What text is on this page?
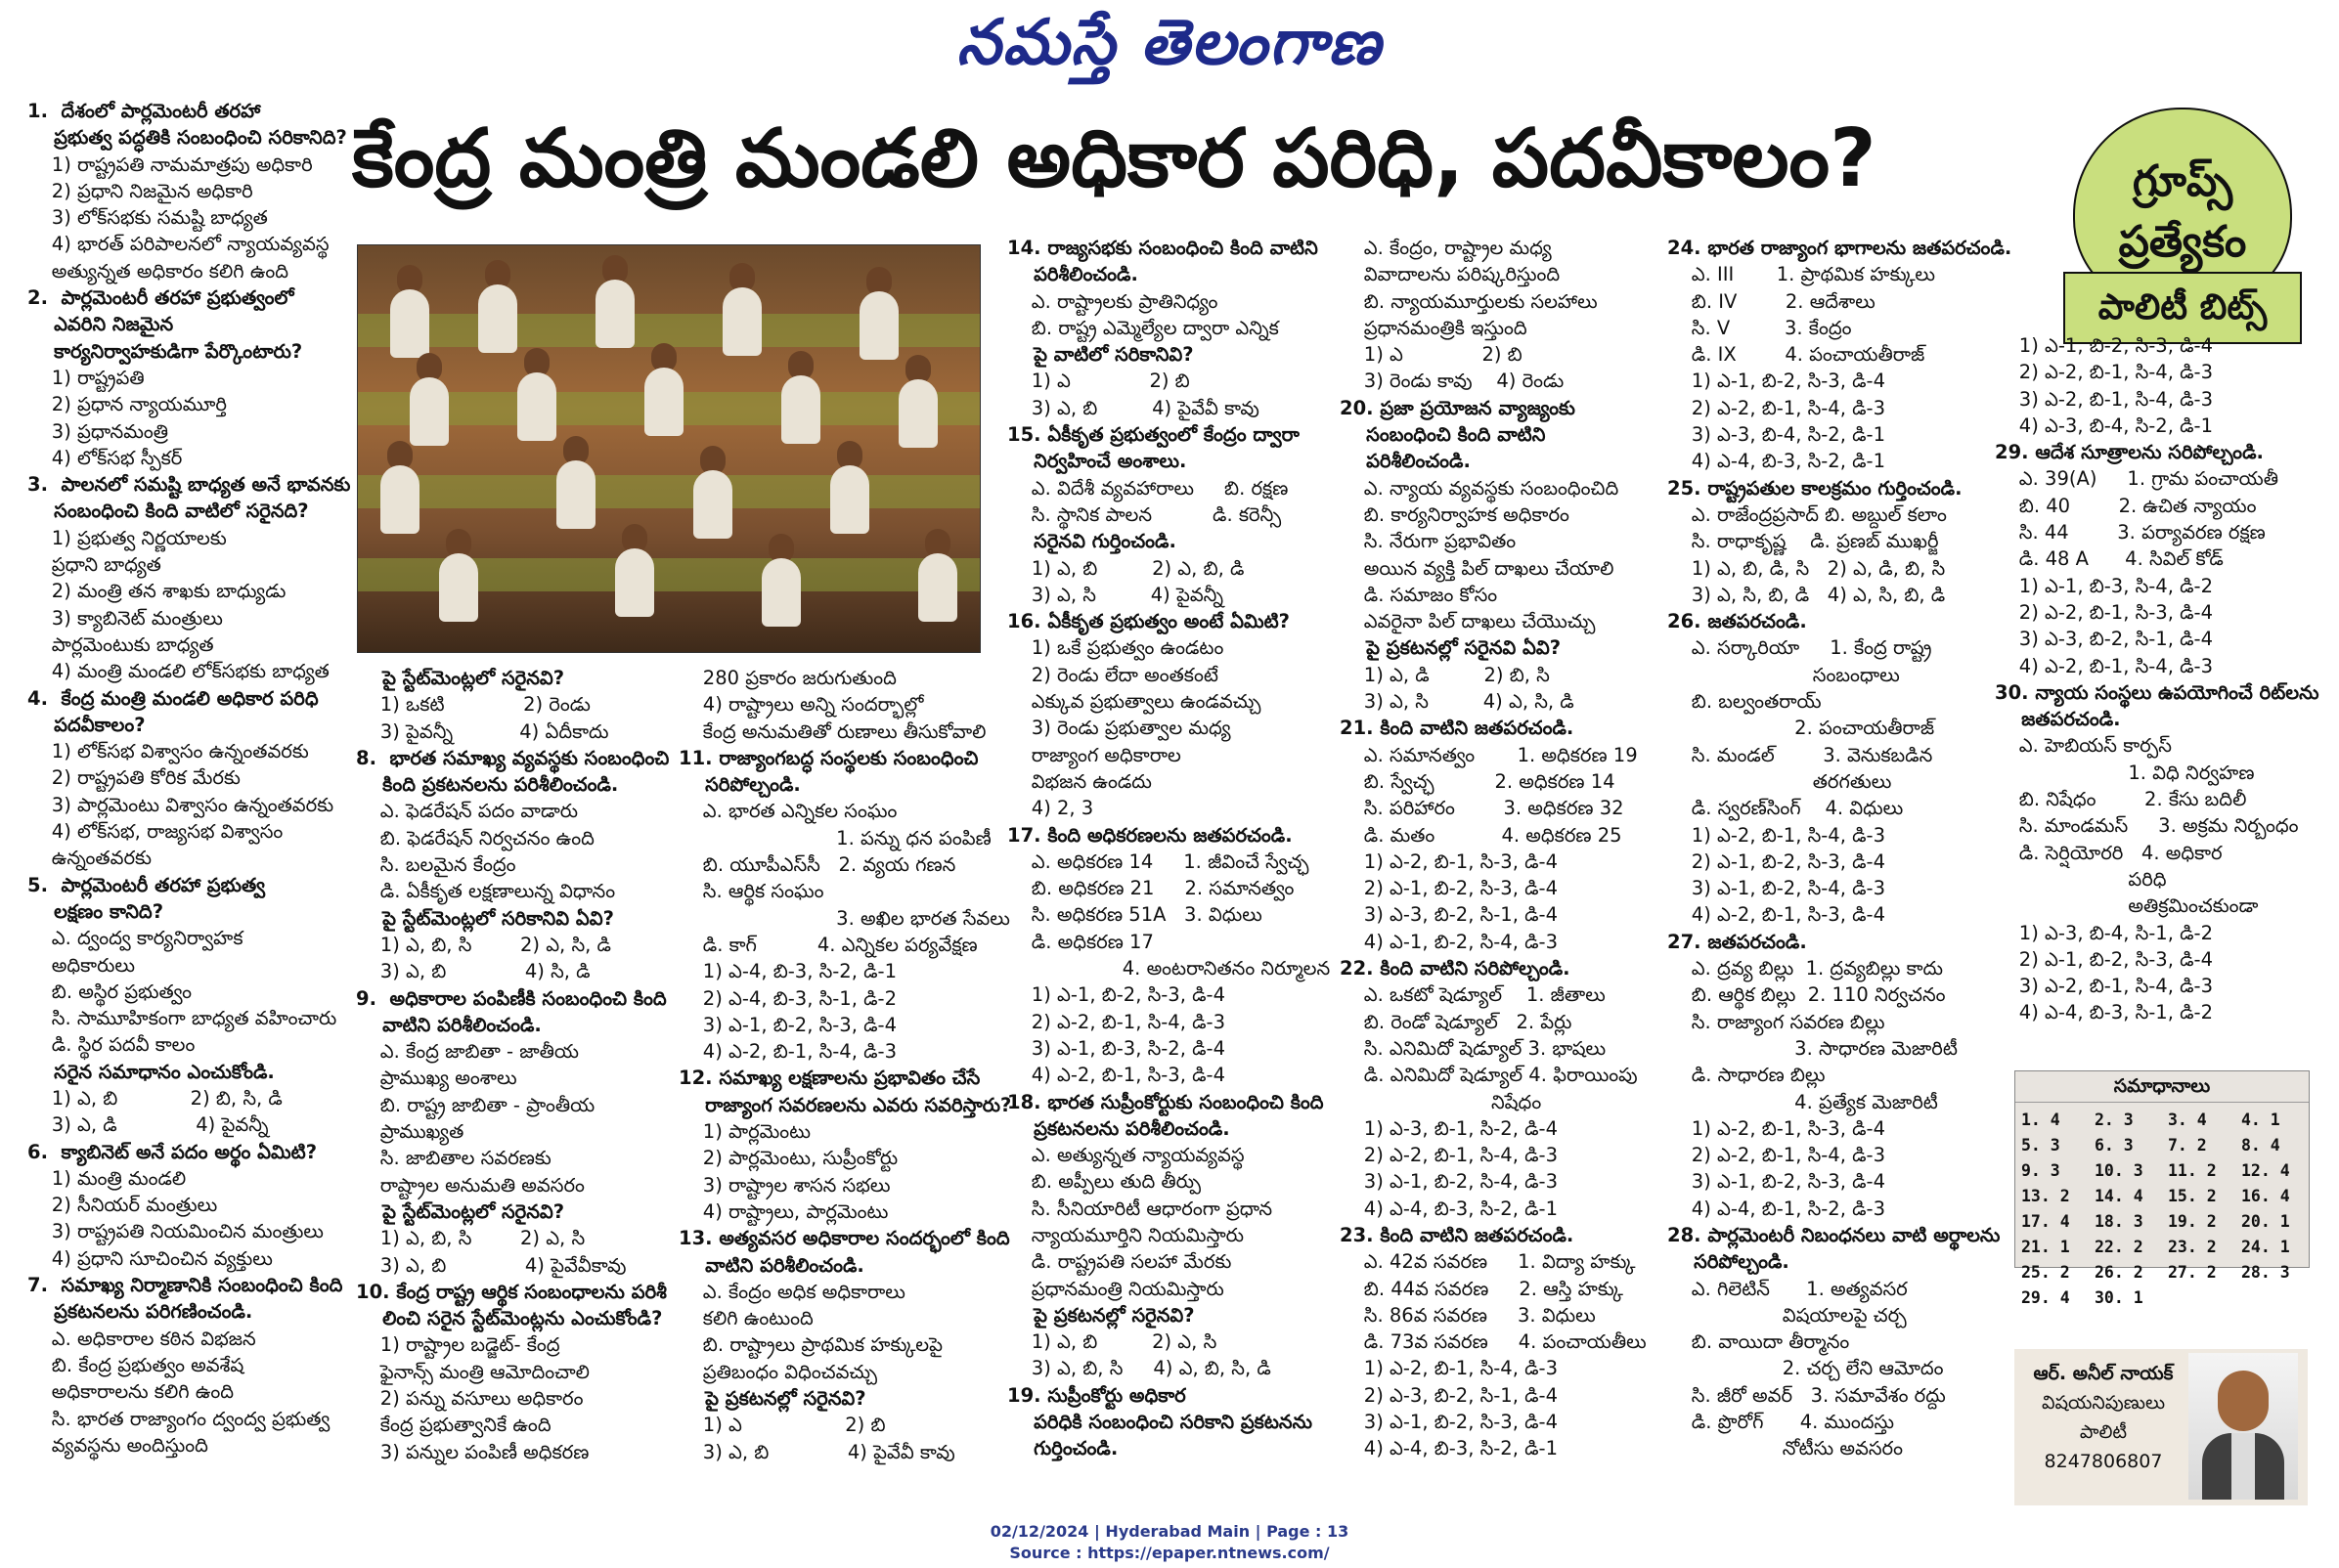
నమస్తే తెలంగాణ
కేంద్ర మంత్రి మండలి అధికార పరిధి, పదవీకాలం?	గ్రూప్స్
ప్రత్యేకం
పాలిటీ బిట్స్

1.  దేశంలో పార్లమెంటరీ తరహా

ప్రభుత్వ పద్ధతికి సంబంధించి సరికానిది?

1) రాష్ట్రపతి నామమాత్రపు అధికారి

2) ప్రధాని నిజమైన అధికారి

3) లోక్‌సభకు సమష్టి బాధ్యత

4) భారత్ పరిపాలనలో న్యాయవ్యవస్థ

అత్యున్నత అధికారం కలిగి ఉంది

2.  పార్లమెంటరీ తరహా ప్రభుత్వంలో

ఎవరిని నిజమైన

కార్యనిర్వాహకుడిగా పేర్కొంటారు?

1) రాష్ట్రపతి

2) ప్రధాన న్యాయమూర్తి

3) ప్రధానమంత్రి

4) లోక్‌సభ స్పీకర్

3.  పాలనలో సమష్టి బాధ్యత అనే భావనకు

సంబంధించి కింది వాటిలో సరైనది?

1) ప్రభుత్వ నిర్ణయాలకు

ప్రధాని బాధ్యత

2) మంత్రి తన శాఖకు బాధ్యుడు

3) క్యాబినెట్ మంత్రులు

పార్లమెంటుకు బాధ్యత

4) మంత్రి మండలి లోక్‌సభకు బాధ్యత

4.  కేంద్ర మంత్రి మండలి అధికార పరిధి

పదవీకాలం?

1) లోక్‌సభ విశ్వాసం ఉన్నంతవరకు

2) రాష్ట్రపతి కోరిక మేరకు

3) పార్లమెంటు విశ్వాసం ఉన్నంతవరకు

4) లోక్‌సభ, రాజ్యసభ విశ్వాసం

ఉన్నంతవరకు

5.  పార్లమెంటరీ తరహా ప్రభుత్వ

లక్షణం కానిది?

ఎ. ద్వంద్వ కార్యనిర్వాహక

అధికారులు

బి. అస్థిర ప్రభుత్వం

సి. సామూహికంగా బాధ్యత వహించారు

డి. స్థిర పదవీ కాలం

సరైన సమాధానం ఎంచుకోండి.

1) ఎ, బి            2) బి, సి, డి

3) ఎ, డి             4) పైవన్నీ

6.  క్యాబినెట్ అనే పదం అర్థం ఏమిటి?

1) మంత్రి మండలి

2) సీనియర్ మంత్రులు

3) రాష్ట్రపతి నియమించిన మంత్రులు

4) ప్రధాని సూచించిన వ్యక్తులు

7.  సమాఖ్య నిర్మాణానికి సంబంధించి కింది

ప్రకటనలను పరిగణించండి.

ఎ. అధికారాల కఠిన విభజన

బి. కేంద్ర ప్రభుత్వం అవశేష

అధికారాలను కలిగి ఉంది

సి. భారత రాజ్యాంగం ద్వంద్వ ప్రభుత్వ

వ్యవస్థను అందిస్తుంది

పై స్టేట్‌మెంట్లలో సరైనవి?

1) ఒకటి             2) రెండు

3) పైవన్నీ           4) ఏదీకాదు

8.  భారత సమాఖ్య వ్యవస్థకు సంబంధించి

కింది ప్రకటనలను పరిశీలించండి.

ఎ. ఫెడరేషన్ పదం వాడారు

బి. ఫెడరేషన్ నిర్వచనం ఉంది

సి. బలమైన కేంద్రం

డి. ఏకీకృత లక్షణాలున్న విధానం

పై స్టేట్‌మెంట్లలో సరికానివి ఏవి?

1) ఎ, బి, సి        2) ఎ, సి, డి

3) ఎ, బి             4) సి, డి

9.  అధికారాల పంపిణీకి సంబంధించి కింది

వాటిని పరిశీలించండి.

ఎ. కేంద్ర జాబితా - జాతీయ

ప్రాముఖ్య అంశాలు

బి. రాష్ట్ర జాబితా - ప్రాంతీయ

ప్రాముఖ్యత

సి. జాబితాల సవరణకు

రాష్ట్రాల అనుమతి అవసరం

పై స్టేట్‌మెంట్లలో సరైనవి?

1) ఎ, బి, సి        2) ఎ, సి

3) ఎ, బి             4) పైవేవీకావు

10. కేంద్ర రాష్ట్ర ఆర్థిక సంబంధాలను పరిశీ

లించి సరైన స్టేట్‌మెంట్లను ఎంచుకోండి?

1) రాష్ట్రాల బడ్జెట్- కేంద్ర

ఫైనాన్స్ మంత్రి ఆమోదించాలి

2) పన్ను వసూలు అధికారం

కేంద్ర ప్రభుత్వానికే ఉంది

3) పన్నుల పంపిణీ అధికరణ

280 ప్రకారం జరుగుతుంది

4) రాష్ట్రాలు అన్ని సందర్భాల్లో

కేంద్ర అనుమతితో రుణాలు తీసుకోవాలి

11. రాజ్యాంగబద్ధ సంస్థలకు సంబంధించి

సరిపోల్చండి.

ఎ. భారత ఎన్నికల సంఘం

1. పన్ను ధన పంపిణీ

బి. యూపీఎస్‌సీ   2. వ్యయ గణన

సి. ఆర్థిక సంఘం

3. అఖిల భారత సేవలు

డి. కాగ్          4. ఎన్నికల పర్యవేక్షణ

1) ఎ-4, బి-3, సి-2, డి-1

2) ఎ-4, బి-3, సి-1, డి-2

3) ఎ-1, బి-2, సి-3, డి-4

4) ఎ-2, బి-1, సి-4, డి-3

12. సమాఖ్య లక్షణాలను ప్రభావితం చేసే

రాజ్యాంగ సవరణలను ఎవరు సవరిస్తారు?

1) పార్లమెంటు

2) పార్లమెంటు, సుప్రీంకోర్టు

3) రాష్ట్రాల శాసన సభలు

4) రాష్ట్రాలు, పార్లమెంటు

13. అత్యవసర అధికారాల సందర్భంలో కింది

వాటిని పరిశీలించండి.

ఎ. కేంద్రం అధిక అధికారాలు

కలిగి ఉంటుంది

బి. రాష్ట్రాలు ప్రాథమిక హక్కులపై

ప్రతిబంధం విధించవచ్చు

పై ప్రకటనల్లో సరైనవి?

1) ఎ                 2) బి

3) ఎ, బి             4) పైవేవీ కావు

14. రాజ్యసభకు సంబంధించి కింది వాటిని

పరిశీలించండి.

ఎ. రాష్ట్రాలకు ప్రాతినిధ్యం

బి. రాష్ట్ర ఎమ్మెల్యేల ద్వారా ఎన్నిక

పై వాటిలో సరికానివి?

1) ఎ             2) బి

3) ఎ, బి         4) పైవేవీ కావు

15. ఏకీకృత ప్రభుత్వంలో కేంద్రం ద్వారా

నిర్వహించే అంశాలు.

ఎ. విదేశీ వ్యవహారాలు     బి. రక్షణ

సి. స్థానిక పాలన          డి. కరెన్సీ

సరైనవి గుర్తించండి.

1) ఎ, బి         2) ఎ, బి, డి

3) ఎ, సి         4) పైవన్నీ

16. ఏకీకృత ప్రభుత్వం అంటే ఏమిటి?

1) ఒకే ప్రభుత్వం ఉండటం

2) రెండు లేదా అంతకంటే

ఎక్కువ ప్రభుత్వాలు ఉండవచ్చు

3) రెండు ప్రభుత్వాల మధ్య

రాజ్యాంగ అధికారాల

విభజన ఉండదు

4) 2, 3

17. కింది అధికరణలను జతపరచండి.

ఎ. అధికరణ 14     1. జీవించే స్వేచ్ఛ

బి. అధికరణ 21     2. సమానత్వం

సి. అధికరణ 51A   3. విధులు

డి. అధికరణ 17

4. అంటరానితనం నిర్మూలన

1) ఎ-1, బి-2, సి-3, డి-4

2) ఎ-2, బి-1, సి-4, డి-3

3) ఎ-1, బి-3, సి-2, డి-4

4) ఎ-2, బి-1, సి-3, డి-4

18. భారత సుప్రీంకోర్టుకు సంబంధించి కింది

ప్రకటనలను పరిశీలించండి.

ఎ. అత్యున్నత న్యాయవ్యవస్థ

బి. అప్పీలు తుది తీర్పు

సి. సీనియారిటీ ఆధారంగా ప్రధాన

న్యాయమూర్తిని నియమిస్తారు

డి. రాష్ట్రపతి సలహా మేరకు

ప్రధానమంత్రి నియమిస్తారు

పై ప్రకటనల్లో సరైనవి?

1) ఎ, బి         2) ఎ, సి

3) ఎ, బి, సి     4) ఎ, బి, సి, డి

19. సుప్రీంకోర్టు అధికార

పరిధికి సంబంధించి సరికాని ప్రకటనను

గుర్తించండి.

ఎ. కేంద్రం, రాష్ట్రాల మధ్య

వివాదాలను పరిష్కరిస్తుంది

బి. న్యాయమూర్తులకు సలహాలు

ప్రధానమంత్రికి ఇస్తుంది

1) ఎ             2) బి

3) రెండు కావు    4) రెండు

20. ప్రజా ప్రయోజన వ్యాజ్యంకు

సంబంధించి కింది వాటిని

పరిశీలించండి.

ఎ. న్యాయ వ్యవస్థకు సంబంధించిది

బి. కార్యనిర్వాహక అధికారం

సి. నేరుగా ప్రభావితం

అయిన వ్యక్తి పిల్ దాఖలు చేయాలి

డి. సమాజం కోసం

ఎవరైనా పిల్ దాఖలు చేయొచ్చు

పై ప్రకటనల్లో సరైనవి ఏవి?

1) ఎ, డి         2) బి, సి

3) ఎ, సి         4) ఎ, సి, డి

21. కింది వాటిని జతపరచండి.

ఎ. సమానత్వం       1. అధికరణ 19

బి. స్వేచ్ఛ          2. అధికరణ 14

సి. పరిహారం        3. అధికరణ 32

డి. మతం           4. అధికరణ 25

1) ఎ-2, బి-1, సి-3, డి-4

2) ఎ-1, బి-2, సి-3, డి-4

3) ఎ-3, బి-2, సి-1, డి-4

4) ఎ-1, బి-2, సి-4, డి-3

22. కింది వాటిని సరిపోల్చండి.

ఎ. ఒకటో షెడ్యూల్    1. జీతాలు

బి. రెండో షెడ్యూల్   2. పేర్లు

సి. ఎనిమిదో షెడ్యూల్ 3. భాషలు

డి. ఎనిమిదో షెడ్యూల్ 4. ఫిరాయింపు

నిషేధం

1) ఎ-3, బి-1, సి-2, డి-4

2) ఎ-2, బి-1, సి-4, డి-3

3) ఎ-1, బి-2, సి-4, డి-3

4) ఎ-4, బి-3, సి-2, డి-1

23. కింది వాటిని జతపరచండి.

ఎ. 42వ సవరణ     1. విద్యా హక్కు

బి. 44వ సవరణ     2. ఆస్తి హక్కు

సి. 86వ సవరణ     3. విధులు

డి. 73వ సవరణ     4. పంచాయతీలు

1) ఎ-2, బి-1, సి-4, డి-3

2) ఎ-3, బి-2, సి-1, డి-4

3) ఎ-1, బి-2, సి-3, డి-4

4) ఎ-4, బి-3, సి-2, డి-1

24. భారత రాజ్యాంగ భాగాలను జతపరచండి.

ఎ. III       1. ప్రాథమిక హక్కులు

బి. IV        2. ఆదేశాలు

సి. V         3. కేంద్రం

డి. IX        4. పంచాయతీరాజ్

1) ఎ-1, బి-2, సి-3, డి-4

2) ఎ-2, బి-1, సి-4, డి-3

3) ఎ-3, బి-4, సి-2, డి-1

4) ఎ-4, బి-3, సి-2, డి-1

25. రాష్ట్రపతుల కాలక్రమం గుర్తించండి.

ఎ. రాజేంద్రప్రసాద్ బి. అబ్దుల్ కలాం

సి. రాధాకృష్ణ    డి. ప్రణబ్ ముఖర్జీ

1) ఎ, బి, డి, సి   2) ఎ, డి, బి, సి

3) ఎ, సి, బి, డి   4) ఎ, సి, బి, డి

26. జతపరచండి.

ఎ. సర్కారియా     1. కేంద్ర రాష్ట్ర

సంబంధాలు

బి. బల్వంతరాయ్

2. పంచాయతీరాజ్

సి. మండల్        3. వెనుకబడిన

తరగతులు

డి. స్వరణ్‌సింగ్    4. విధులు

1) ఎ-2, బి-1, సి-4, డి-3

2) ఎ-1, బి-2, సి-3, డి-4

3) ఎ-1, బి-2, సి-4, డి-3

4) ఎ-2, బి-1, సి-3, డి-4

27. జతపరచండి.

ఎ. ద్రవ్య బిల్లు  1. ద్రవ్యబిల్లు కాదు

బి. ఆర్థిక బిల్లు  2. 110 నిర్వచనం

సి. రాజ్యాంగ సవరణ బిల్లు

3. సాధారణ మెజారిటీ

డి. సాధారణ బిల్లు

4. ప్రత్యేక మెజారిటీ

1) ఎ-2, బి-1, సి-3, డి-4

2) ఎ-2, బి-1, సి-4, డి-3

3) ఎ-1, బి-2, సి-3, డి-4

4) ఎ-4, బి-1, సి-2, డి-3

28. పార్లమెంటరీ నిబంధనలు వాటి అర్థాలను

సరిపోల్చండి.

ఎ. గిలెటిన్      1. అత్యవసర

విషయాలపై చర్చ

బి. వాయిదా తీర్మానం

2. చర్చ లేని ఆమోదం

సి. జీరో అవర్   3. సమావేశం రద్దు

డి. ప్రొరోగ్      4. ముందస్తు

నోటీసు అవసరం

1) ఎ-1, బి-2, సి-3, డి-4

2) ఎ-2, బి-1, సి-4, డి-3

3) ఎ-2, బి-1, సి-4, డి-3

4) ఎ-3, బి-4, సి-2, డి-1

29. ఆదేశ సూత్రాలను సరిపోల్చండి.

ఎ. 39(A)     1. గ్రామ పంచాయతీ

బి. 40        2. ఉచిత న్యాయం

సి. 44        3. పర్యావరణ రక్షణ

డి. 48 A      4. సివిల్ కోడ్

1) ఎ-1, బి-3, సి-4, డి-2

2) ఎ-2, బి-1, సి-3, డి-4

3) ఎ-3, బి-2, సి-1, డి-4

4) ఎ-2, బి-1, సి-4, డి-3

30. న్యాయ సంస్థలు ఉపయోగించే రిట్‌లను

జతపరచండి.

ఎ. హెబియస్ కార్పస్

1. విధి నిర్వహణ

బి. నిషేధం        2. కేసు బదిలీ

సి. మాండమస్     3. అక్రమ నిర్బంధం

డి. సెర్షియోరరి   4. అధికార

పరిధి

అతిక్రమించకుండా

1) ఎ-3, బి-4, సి-1, డి-2

2) ఎ-1, బి-2, సి-3, డి-4

3) ఎ-2, బి-1, సి-4, డి-3

4) ఎ-4, బి-3, సి-1, డి-2

సమాధానాలు
1. 4	2. 3	3. 4	4. 1
5. 3	6. 3	7. 2	8. 4
9. 3	10. 3	11. 2	12. 4
13. 2	14. 4	15. 2	16. 4
17. 4	18. 3	19. 2	20. 1
21. 1	22. 2	23. 2	24. 1
25. 2	26. 2	27. 2	28. 3
29. 4	30. 1		
ఆర్. అనీల్ నాయక్
విషయనిపుణులు
పాలిటీ
8247806807
02/12/2024 | Hyderabad Main | Page : 13
Source : https://epaper.ntnews.com/
